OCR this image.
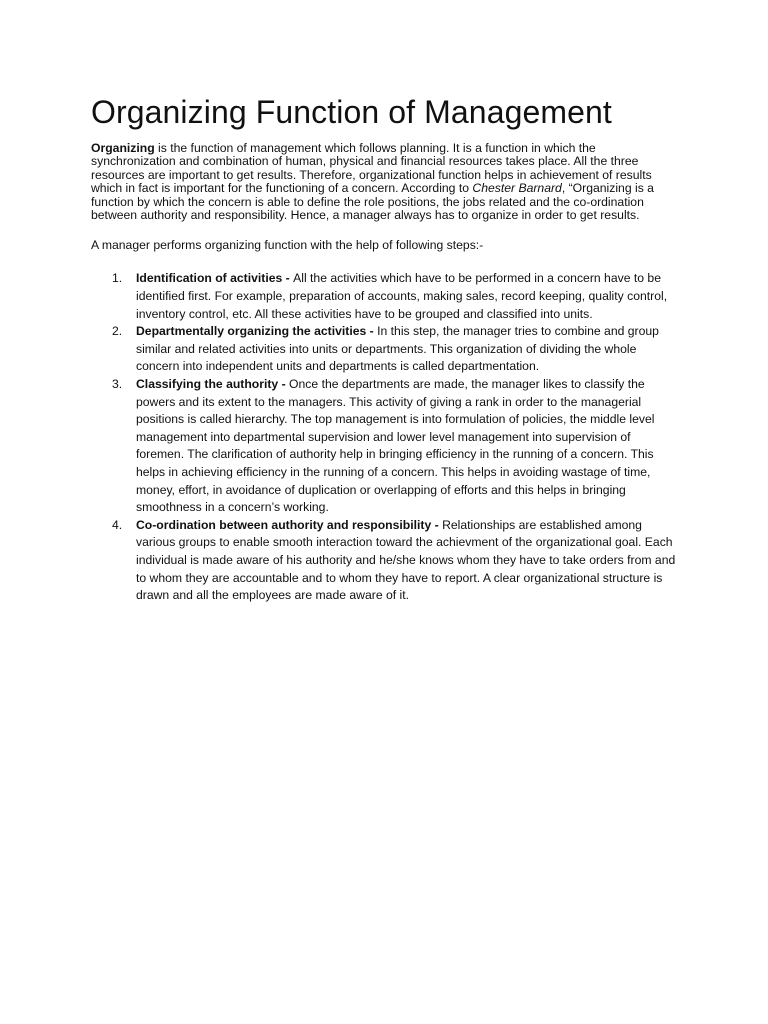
Organizing Function of Management

Organizing is the function of management which follows planning. It is a function in which the synchronization and combination of human, physical and financial resources takes place. All the three resources are important to get results. Therefore, organizational function helps in achievement of results which in fact is important for the functioning of a concern. According to Chester Barnard, “Organizing is a function by which the concern is able to define the role positions, the jobs related and the co-ordination between authority and responsibility. Hence, a manager always has to organize in order to get results.

A manager performs organizing function with the help of following steps:-

1. Identification of activities - All the activities which have to be performed in a concern have to be identified first. For example, preparation of accounts, making sales, record keeping, quality control, inventory control, etc. All these activities have to be grouped and classified into units.
2. Departmentally organizing the activities - In this step, the manager tries to combine and group similar and related activities into units or departments. This organization of dividing the whole concern into independent units and departments is called departmentation.
3. Classifying the authority - Once the departments are made, the manager likes to classify the powers and its extent to the managers. This activity of giving a rank in order to the managerial positions is called hierarchy. The top management is into formulation of policies, the middle level management into departmental supervision and lower level management into supervision of foremen. The clarification of authority help in bringing efficiency in the running of a concern. This helps in achieving efficiency in the running of a concern. This helps in avoiding wastage of time, money, effort, in avoidance of duplication or overlapping of efforts and this helps in bringing smoothness in a concern’s working.
4. Co-ordination between authority and responsibility - Relationships are established among various groups to enable smooth interaction toward the achievment of the organizational goal. Each individual is made aware of his authority and he/she knows whom they have to take orders from and to whom they are accountable and to whom they have to report. A clear organizational structure is drawn and all the employees are made aware of it.
